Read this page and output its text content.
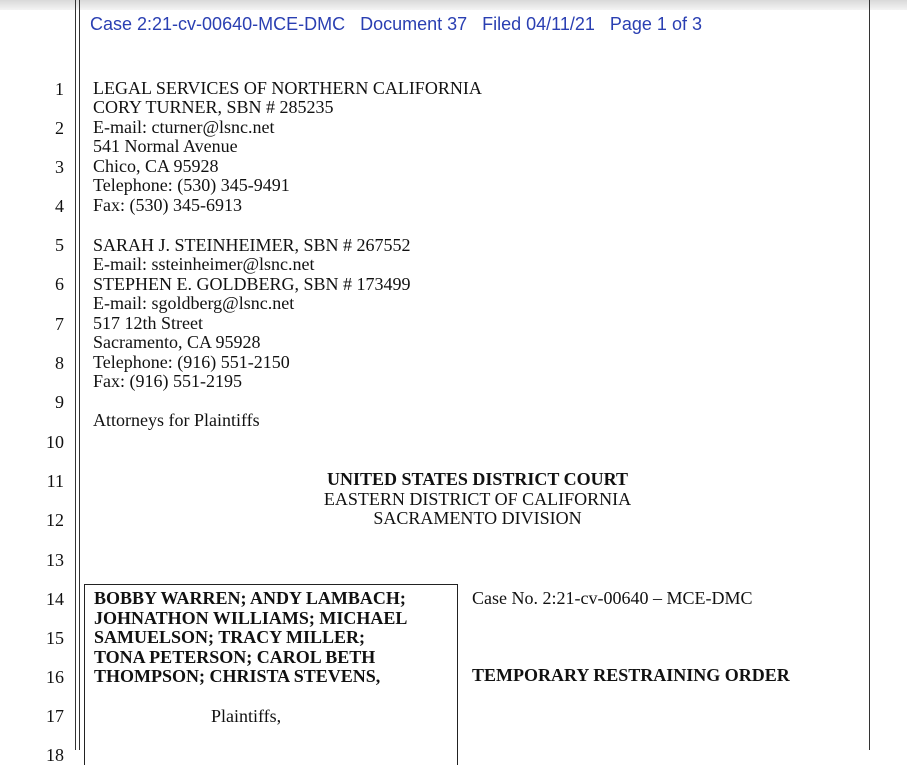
Case 2:21-cv-00640-MCE-DMC Document 37 Filed 04/11/21 Page 1 of 3
1
2
3
4
5
6
7
8
9
10
11
12
13
14
15
16
17
18
LEGAL SERVICES OF NORTHERN CALIFORNIA
CORY TURNER, SBN # 285235
E-mail: cturner@lsnc.net
541 Normal Avenue
Chico, CA 95928
Telephone: (530) 345-9491
Fax: (530) 345-6913
SARAH J. STEINHEIMER, SBN # 267552
E-mail: ssteinheimer@lsnc.net
STEPHEN E. GOLDBERG, SBN # 173499
E-mail: sgoldberg@lsnc.net
517 12th Street
Sacramento, CA 95928
Telephone: (916) 551-2150
Fax: (916) 551-2195
Attorneys for Plaintiffs
UNITED STATES DISTRICT COURT
EASTERN DISTRICT OF CALIFORNIA
SACRAMENTO DIVISION
BOBBY WARREN; ANDY LAMBACH;
JOHNATHON WILLIAMS; MICHAEL
SAMUELSON; TRACY MILLER;
TONA PETERSON; CAROL BETH
THOMPSON; CHRISTA STEVENS,
Plaintiffs,
Case No. 2:21-cv-00640 – MCE-DMC
TEMPORARY RESTRAINING ORDER
